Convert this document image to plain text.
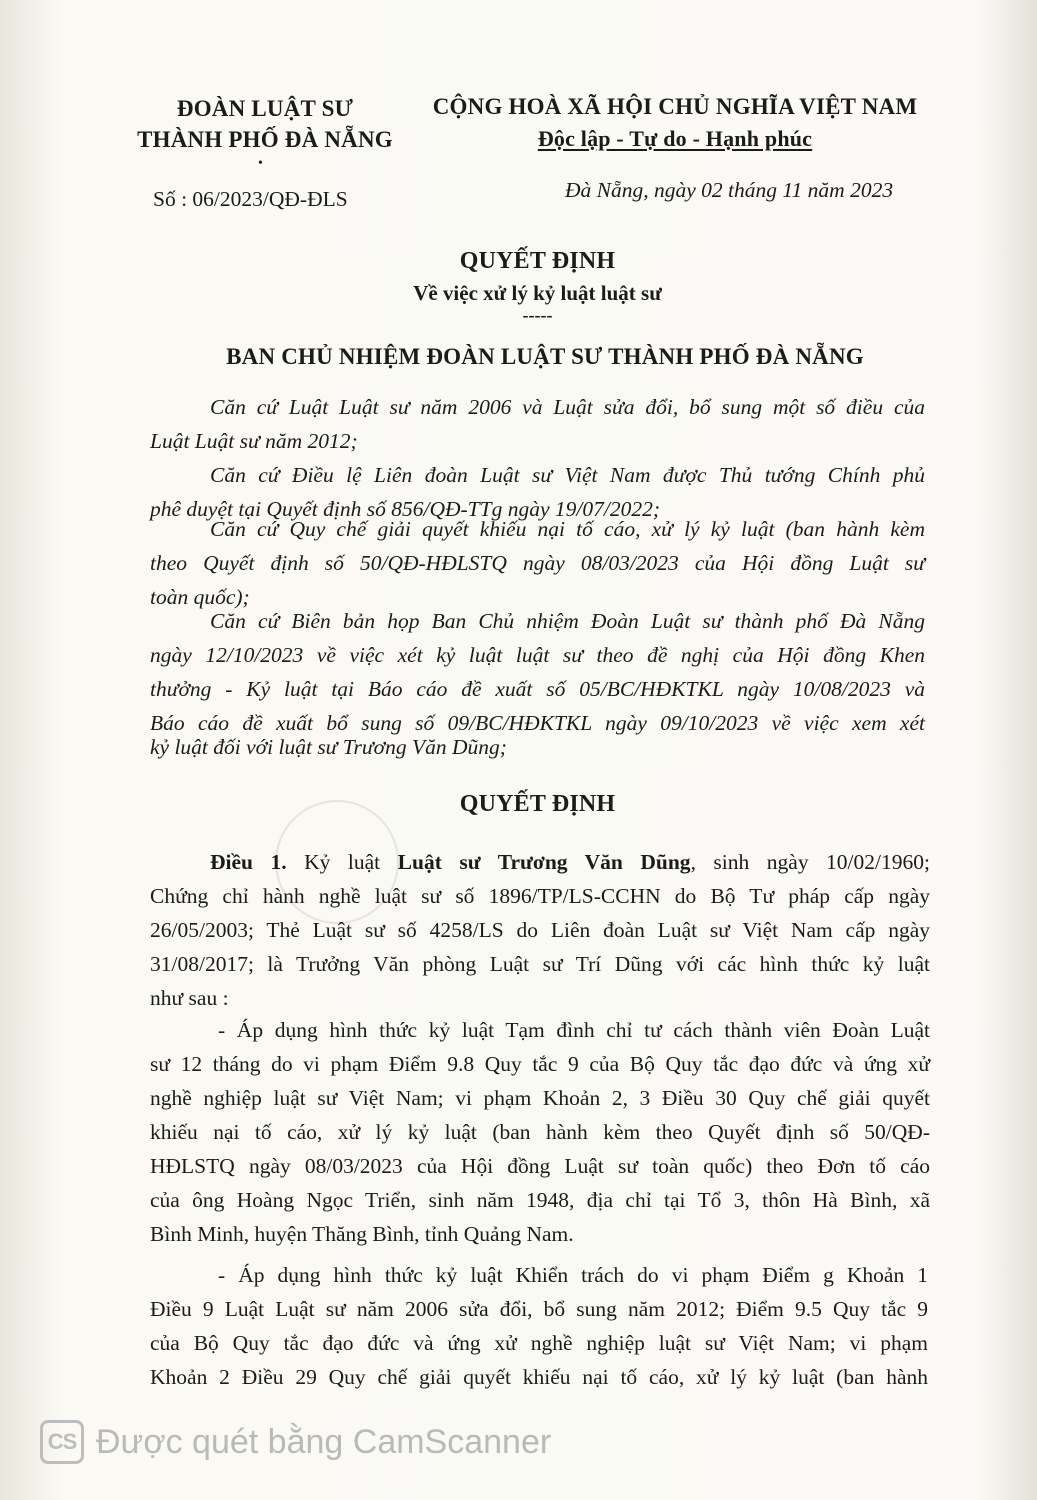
ĐOÀN LUẬT SƯ
THÀNH PHỐ ĐÀ NẴNG
•
Số : 06/2023/QĐ-ĐLS
CỘNG HOÀ XÃ HỘI CHỦ NGHĨA VIỆT NAM
Độc lập - Tự do - Hạnh phúc
Đà Nẵng, ngày 02 tháng 11 năm 2023
QUYẾT ĐỊNH
Về việc xử lý kỷ luật luật sư
-----
BAN CHỦ NHIỆM ĐOÀN LUẬT SƯ THÀNH PHỐ ĐÀ NẴNG
Căn cứ Luật Luật sư năm 2006 và Luật sửa đổi, bổ sung một số điều của
Luật Luật sư năm 2012;
Căn cứ Điều lệ Liên đoàn Luật sư Việt Nam được Thủ tướng Chính phủ
phê duyệt tại Quyết định số 856/QĐ-TTg ngày 19/07/2022;
Căn cứ Quy chế giải quyết khiếu nại tố cáo, xử lý kỷ luật (ban hành kèm
theo Quyết định số 50/QĐ-HĐLSTQ ngày 08/03/2023 của Hội đồng Luật sư
toàn quốc);
Căn cứ Biên bản họp Ban Chủ nhiệm Đoàn Luật sư thành phố Đà Nẵng
ngày 12/10/2023 về việc xét kỷ luật luật sư theo đề nghị của Hội đồng Khen
thưởng - Kỷ luật tại Báo cáo đề xuất số 05/BC/HĐKTKL ngày 10/08/2023 và
Báo cáo đề xuất bổ sung số 09/BC/HĐKTKL ngày 09/10/2023 về việc xem xét
kỷ luật đối với luật sư Trương Văn Dũng;
QUYẾT ĐỊNH
Điều 1. Kỷ luật Luật sư Trương Văn Dũng, sinh ngày 10/02/1960;
Chứng chỉ hành nghề luật sư số 1896/TP/LS-CCHN do Bộ Tư pháp cấp ngày
26/05/2003; Thẻ Luật sư số 4258/LS do Liên đoàn Luật sư Việt Nam cấp ngày
31/08/2017; là Trưởng Văn phòng Luật sư Trí Dũng với các hình thức kỷ luật
như sau :
- Áp dụng hình thức kỷ luật Tạm đình chỉ tư cách thành viên Đoàn Luật
sư 12 tháng do vi phạm Điểm 9.8 Quy tắc 9 của Bộ Quy tắc đạo đức và ứng xử
nghề nghiệp luật sư Việt Nam; vi phạm Khoản 2, 3 Điều 30 Quy chế giải quyết
khiếu nại tố cáo, xử lý kỷ luật (ban hành kèm theo Quyết định số 50/QĐ-
HĐLSTQ ngày 08/03/2023 của Hội đồng Luật sư toàn quốc) theo Đơn tố cáo
của ông Hoàng Ngọc Triển, sinh năm 1948, địa chỉ tại Tổ 3, thôn Hà Bình, xã
Bình Minh, huyện Thăng Bình, tỉnh Quảng Nam.
- Áp dụng hình thức kỷ luật Khiển trách do vi phạm Điểm g Khoản 1
Điều 9 Luật Luật sư năm 2006 sửa đổi, bổ sung năm 2012; Điểm 9.5 Quy tắc 9
của Bộ Quy tắc đạo đức và ứng xử nghề nghiệp luật sư Việt Nam; vi phạm
Khoản 2 Điều 29 Quy chế giải quyết khiếu nại tố cáo, xử lý kỷ luật (ban hành
CS Được quét bằng CamScanner
